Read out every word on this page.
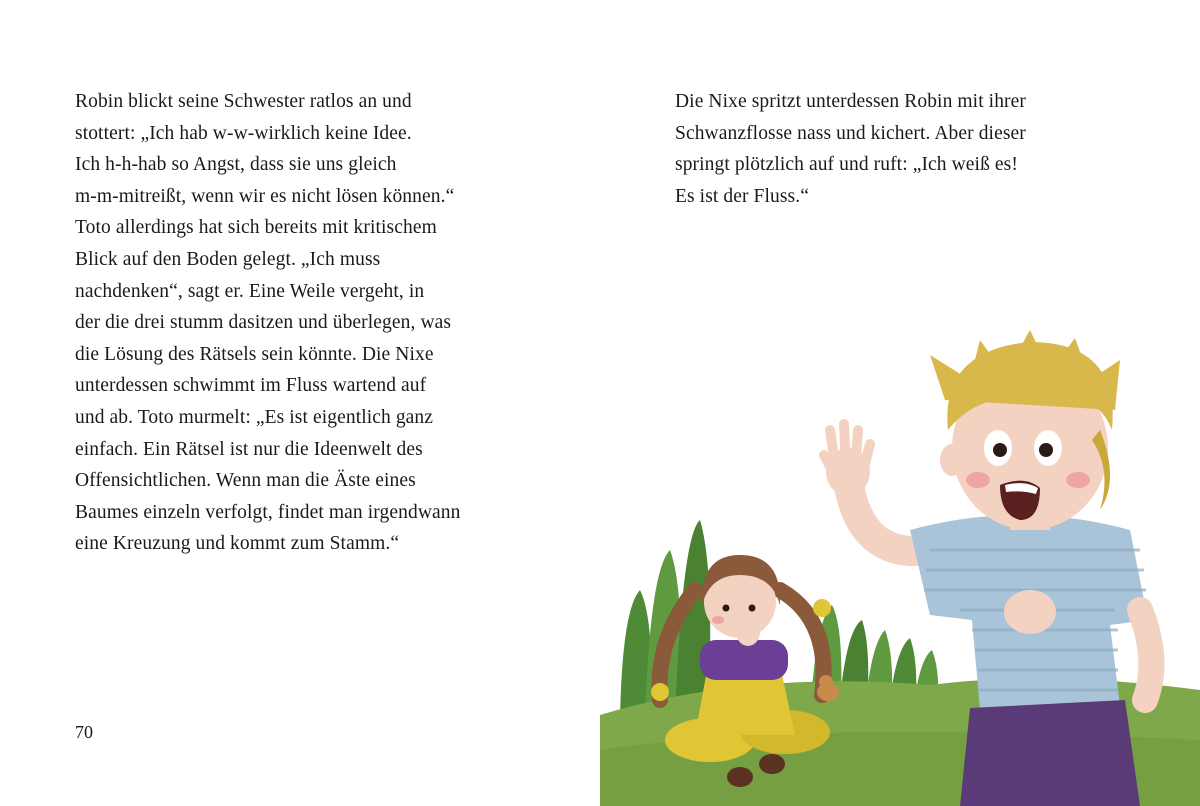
Robin blickt seine Schwester ratlos an und
stottert: „Ich hab w-w-wirklich keine Idee.
Ich h-h-hab so Angst, dass sie uns gleich
m-m-mitreißt, wenn wir es nicht lösen können.“
Toto allerdings hat sich bereits mit kritischem
Blick auf den Boden gelegt. „Ich muss
nachdenken“, sagt er. Eine Weile vergeht, in
der die drei stumm dasitzen und überlegen, was
die Lösung des Rätsels sein könnte. Die Nixe
unterdessen schwimmt im Fluss wartend auf
und ab. Toto murmelt: „Es ist eigentlich ganz
einfach. Ein Rätsel ist nur die Ideenwelt des
Offensichtlichen. Wenn man die Äste eines
Baumes einzeln verfolgt, findet man irgendwann
eine Kreuzung und kommt zum Stamm.“
70
Die Nixe spritzt unterdessen Robin mit ihrer
Schwanzflosse nass und kichert. Aber dieser
springt plötzlich auf und ruft: „Ich weiß es!
Es ist der Fluss.“
